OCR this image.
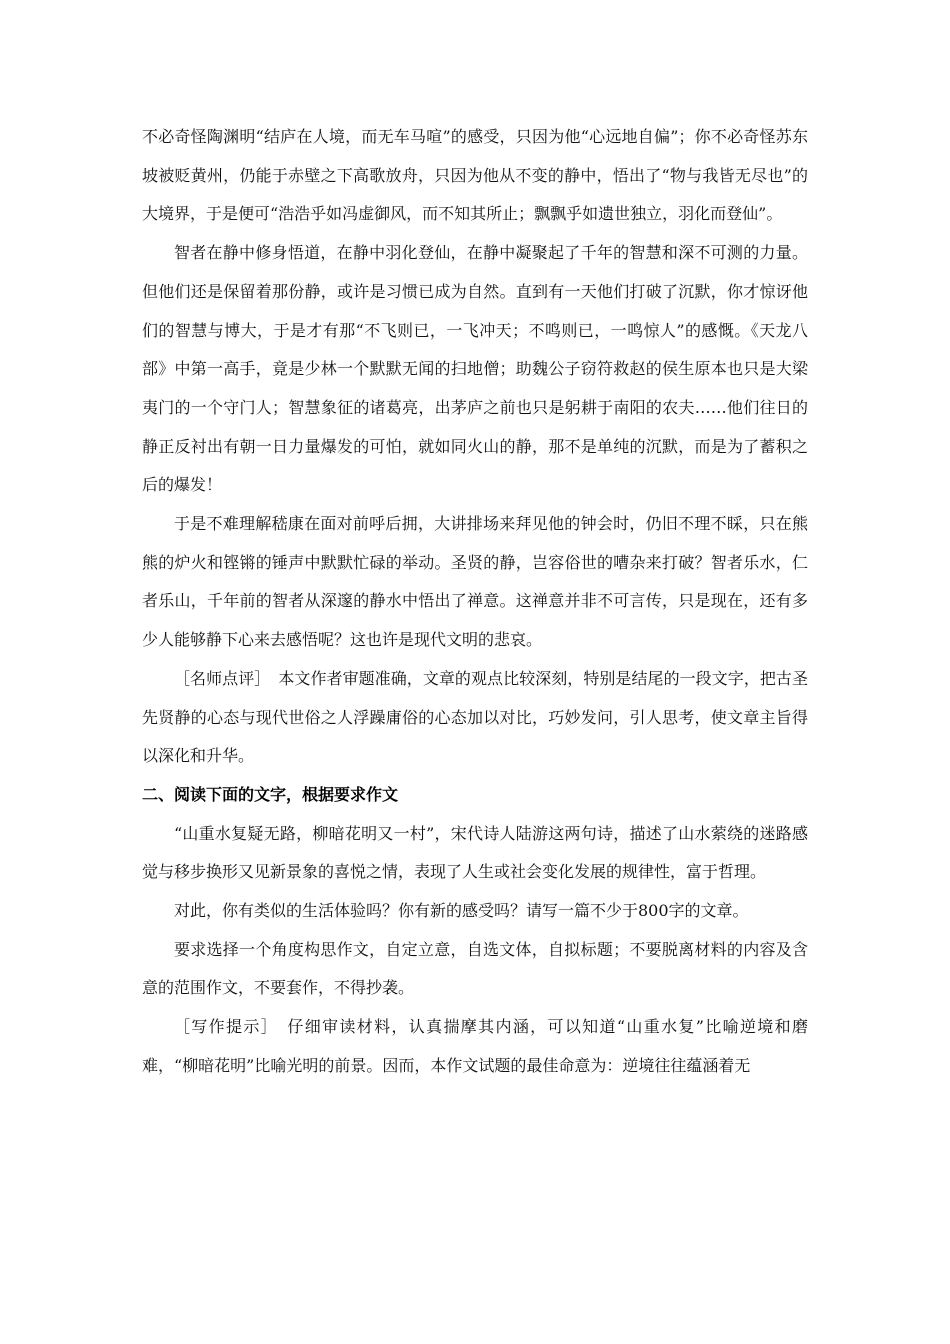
不必奇怪陶渊明“结庐在人境，而无车马喧”的感受，只因为他“心远地自偏”；你不必奇怪苏东坡被贬黄州，仍能于赤壁之下高歌放舟，只因为他从不变的静中，悟出了“物与我皆无尽也”的大境界，于是便可“浩浩乎如冯虚御风，而不知其所止；飘飘乎如遗世独立，羽化而登仙”。

智者在静中修身悟道，在静中羽化登仙，在静中凝聚起了千年的智慧和深不可测的力量。但他们还是保留着那份静，或许是习惯已成为自然。直到有一天他们打破了沉默，你才惊讶他们的智慧与博大，于是才有那“不飞则已，一飞冲天；不鸣则已，一鸣惊人”的感慨。《天龙八部》中第一高手，竟是少林一个默默无闻的扫地僧；助魏公子窃符救赵的侯生原本也只是大梁夷门的一个守门人；智慧象征的诸葛亮，出茅庐之前也只是躬耕于南阳的农夫……他们往日的静正反衬出有朝一日力量爆发的可怕，就如同火山的静，那不是单纯的沉默，而是为了蓄积之后的爆发！

于是不难理解嵇康在面对前呼后拥，大讲排场来拜见他的钟会时，仍旧不理不睬，只在熊熊的炉火和铿锵的锤声中默默忙碌的举动。圣贤的静，岂容俗世的嘈杂来打破？智者乐水，仁者乐山，千年前的智者从深邃的静水中悟出了禅意。这禅意并非不可言传，只是现在，还有多少人能够静下心来去感悟呢？这也许是现代文明的悲哀。

［名师点评］　本文作者审题准确，文章的观点比较深刻，特别是结尾的一段文字，把古圣先贤静的心态与现代世俗之人浮躁庸俗的心态加以对比，巧妙发问，引人思考，使文章主旨得以深化和升华。

二、阅读下面的文字，根据要求作文

“山重水复疑无路，柳暗花明又一村”，宋代诗人陆游这两句诗，描述了山水萦绕的迷路感觉与移步换形又见新景象的喜悦之情，表现了人生或社会变化发展的规律性，富于哲理。

对此，你有类似的生活体验吗？你有新的感受吗？请写一篇不少于800字的文章。

要求选择一个角度构思作文，自定立意，自选文体，自拟标题；不要脱离材料的内容及含意的范围作文，不要套作，不得抄袭。

［写作提示］　仔细审读材料，认真揣摩其内涵，可以知道“山重水复”比喻逆境和磨难，“柳暗花明”比喻光明的前景。因而，本作文试题的最佳命意为：逆境往往蕴涵着无
